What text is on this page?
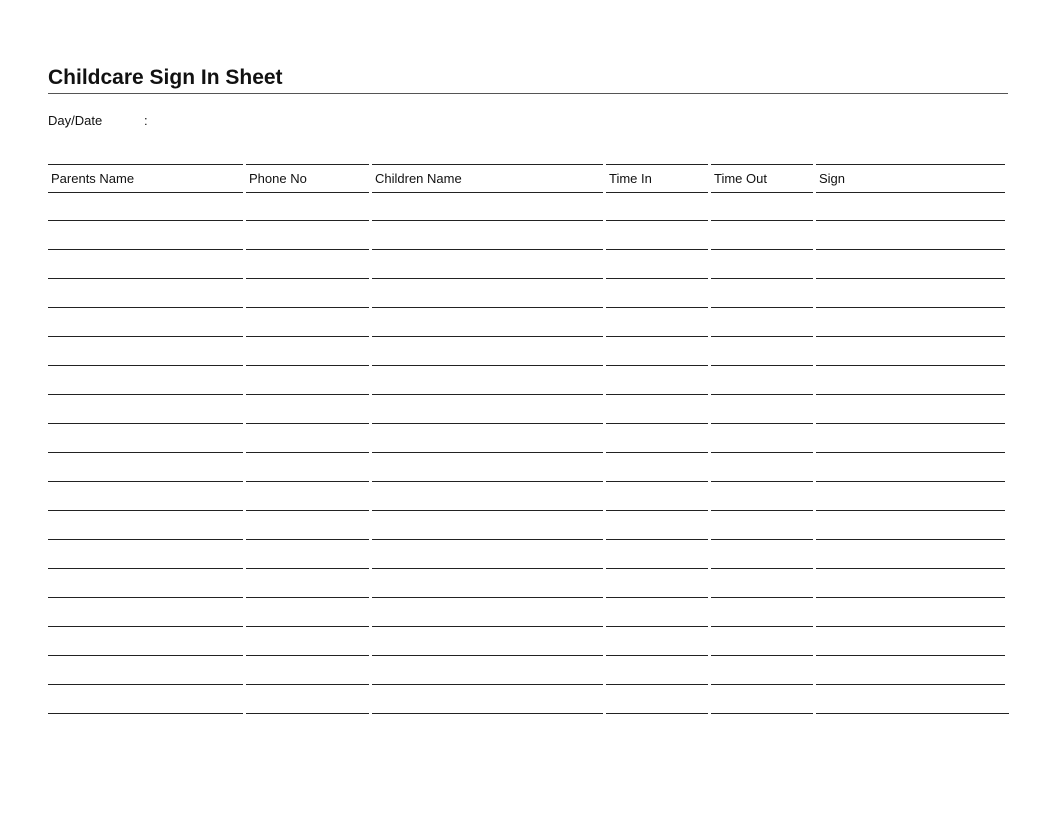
Childcare Sign In Sheet
Day/Date	:
Parents Name	Phone No	Children Name	Time In	Time Out	Sign
